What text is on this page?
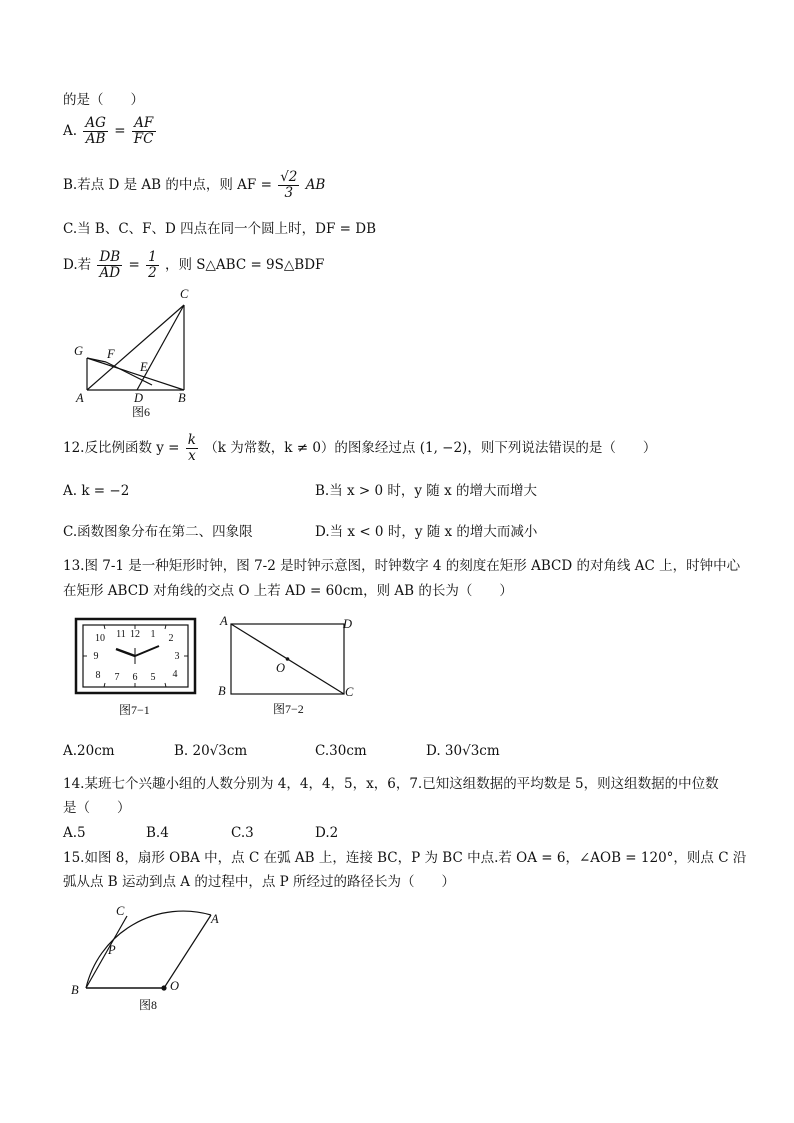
的是（　　）
A. $\frac{AG}{AB} = \frac{AF}{FC}$
B.若点 D 是 AB 的中点，则 AF = $\frac{√2}{3}$ AB
C.当 B、C、F、D 四点在同一个圆上时，DF = DB
D.若 $\frac{DB}{AD} = \frac{1}{2}$ ，则 S△ABC = 9S△BDF
C
G F
E
A	D	B
图6
12.反比例函数 $y = \frac{k}{x} (k$ 为常数，k ≠ 0）的图象经过点 (1, −2)，则下列说法错误的是（　　）
A. k = −2	B.当 x > 0 时，y 随 x 的增大而增大
C.函数图象分布在第二、四象限	D.当 x < 0 时，y 随 x 的增大而减小
13.图 7-1 是一种矩形时钟，图 7-2 是时钟示意图，时钟数字 4 的刻度在矩形 ABCD 的对角线 AC 上，时钟中心
在矩形 ABCD 对角线的交点 O 上若 AD = 60cm，则 AB 的长为（　　）
12 1 2
3
4
5
6
7
8
9
10 11
图7−1
A	D
B	C
O
图7−2
A.20cm	B. 20√3cm	C.30cm	D. 30√3cm
14.某班七个兴趣小组的人数分别为 4，4，4，5，x，6，7.已知这组数据的平均数是 5，则这组数据的中位数
是（　　）
A.5	B.4	C.3	D.2
15.如图 8，扇形 OBA 中，点 C 在弧 AB 上，连接 BC，P 为 BC 中点.若 OA = 6，∠AOB = 120°，则点 C 沿
弧从点 B 运动到点 A 的过程中，点 P 所经过的路径长为（　　）
C
A
P
B	O
图8
